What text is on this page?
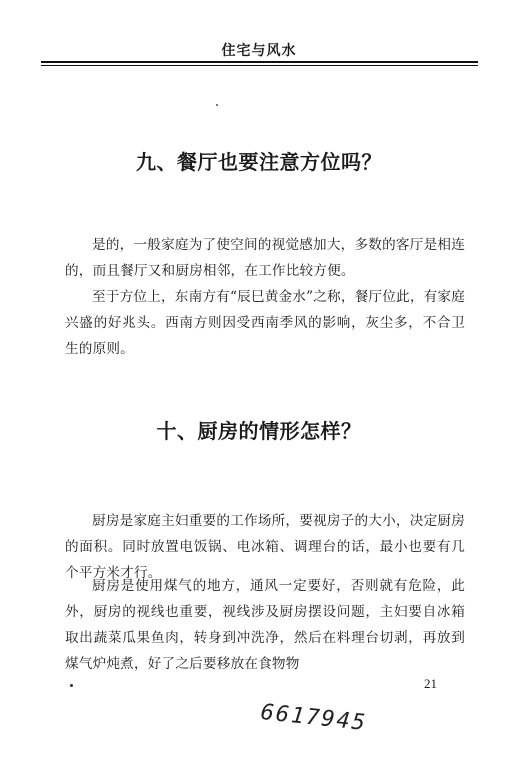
住宅与风水
九、餐厅也要注意方位吗？
是的，一般家庭为了使空间的视觉感加大，多数的客厅是相连的，而且餐厅又和厨房相邻，在工作比较方便。
至于方位上，东南方有“辰巳黄金水”之称，餐厅位此，有家庭兴盛的好兆头。西南方则因受西南季风的影响，灰尘多，不合卫生的原则。
十、厨房的情形怎样？
厨房是家庭主妇重要的工作场所，要视房子的大小，决定厨房的面积。同时放置电饭锅、电冰箱、调理台的话，最小也要有几个平方米才行。
厨房是使用煤气的地方，通风一定要好，否则就有危险，此外，厨房的视线也重要，视线涉及厨房摆设问题，主妇要自冰箱取出蔬菜瓜果鱼肉，转身到冲洗净，然后在料理台切剥，再放到煤气炉炖煮，好了之后要移放在食物物
21
6617945
